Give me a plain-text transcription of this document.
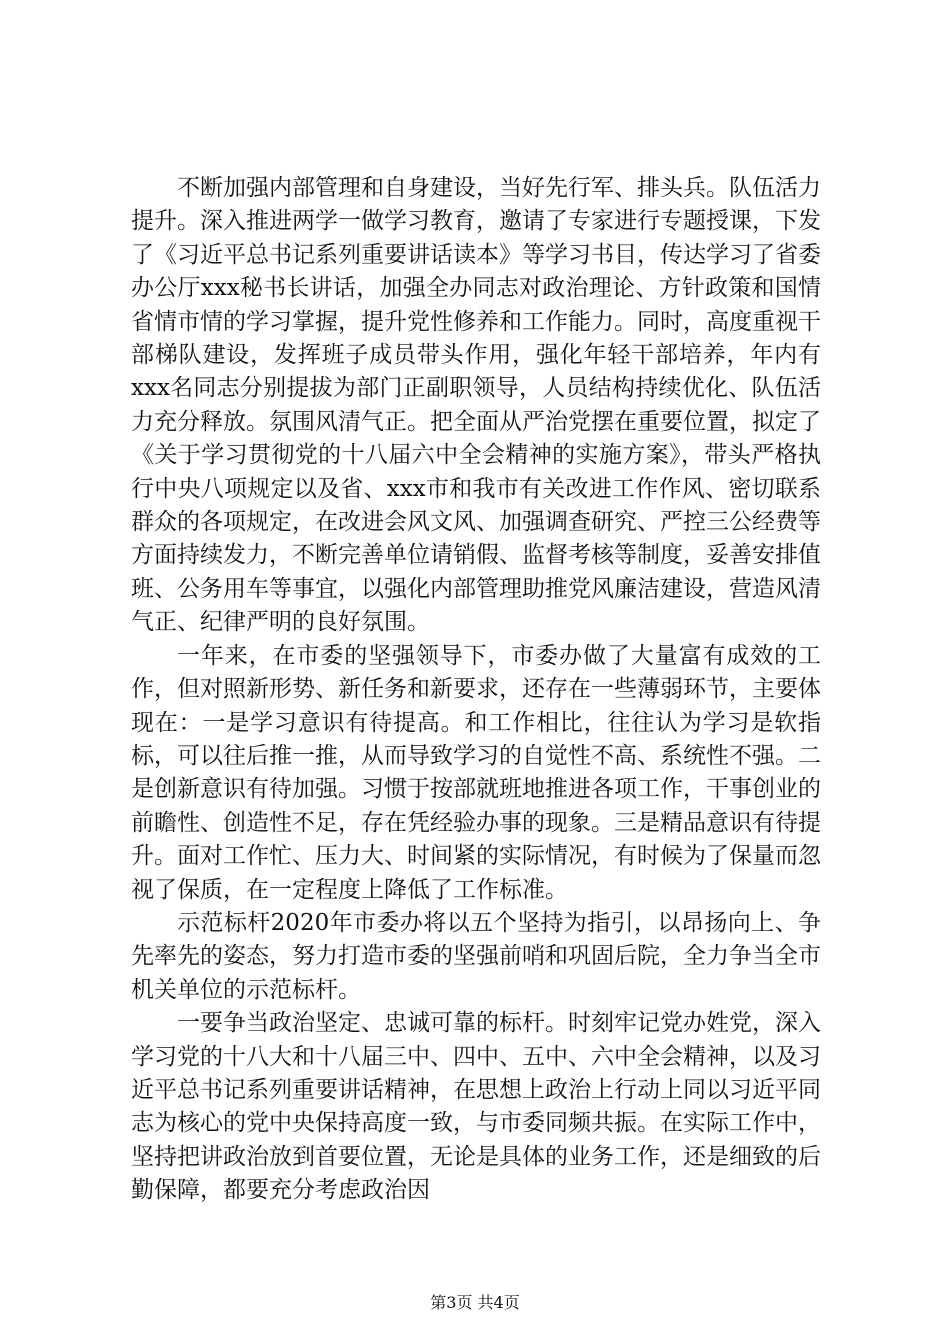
不断加强内部管理和自身建设，当好先行军、排头兵。队伍活力提升。深入推进两学一做学习教育，邀请了专家进行专题授课，下发了《习近平总书记系列重要讲话读本》等学习书目，传达学习了省委办公厅xxx秘书长讲话，加强全办同志对政治理论、方针政策和国情省情市情的学习掌握，提升党性修养和工作能力。同时，高度重视干部梯队建设，发挥班子成员带头作用，强化年轻干部培养，年内有xxx名同志分别提拔为部门正副职领导，人员结构持续优化、队伍活力充分释放。氛围风清气正。把全面从严治党摆在重要位置，拟定了《关于学习贯彻党的十八届六中全会精神的实施方案》，带头严格执行中央八项规定以及省、xxx市和我市有关改进工作作风、密切联系群众的各项规定，在改进会风文风、加强调查研究、严控三公经费等方面持续发力，不断完善单位请销假、监督考核等制度，妥善安排值班、公务用车等事宜，以强化内部管理助推党风廉洁建设，营造风清气正、纪律严明的良好氛围。

一年来，在市委的坚强领导下，市委办做了大量富有成效的工作，但对照新形势、新任务和新要求，还存在一些薄弱环节，主要体现在：一是学习意识有待提高。和工作相比，往往认为学习是软指标，可以往后推一推，从而导致学习的自觉性不高、系统性不强。二是创新意识有待加强。习惯于按部就班地推进各项工作，干事创业的前瞻性、创造性不足，存在凭经验办事的现象。三是精品意识有待提升。面对工作忙、压力大、时间紧的实际情况，有时候为了保量而忽视了保质，在一定程度上降低了工作标准。

示范标杆2020年市委办将以五个坚持为指引，以昂扬向上、争先率先的姿态，努力打造市委的坚强前哨和巩固后院，全力争当全市机关单位的示范标杆。

一要争当政治坚定、忠诚可靠的标杆。时刻牢记党办姓党，深入学习党的十八大和十八届三中、四中、五中、六中全会精神，以及习近平总书记系列重要讲话精神，在思想上政治上行动上同以习近平同志为核心的党中央保持高度一致，与市委同频共振。在实际工作中，坚持把讲政治放到首要位置，无论是具体的业务工作，还是细致的后勤保障，都要充分考虑政治因

第3页 共4页
